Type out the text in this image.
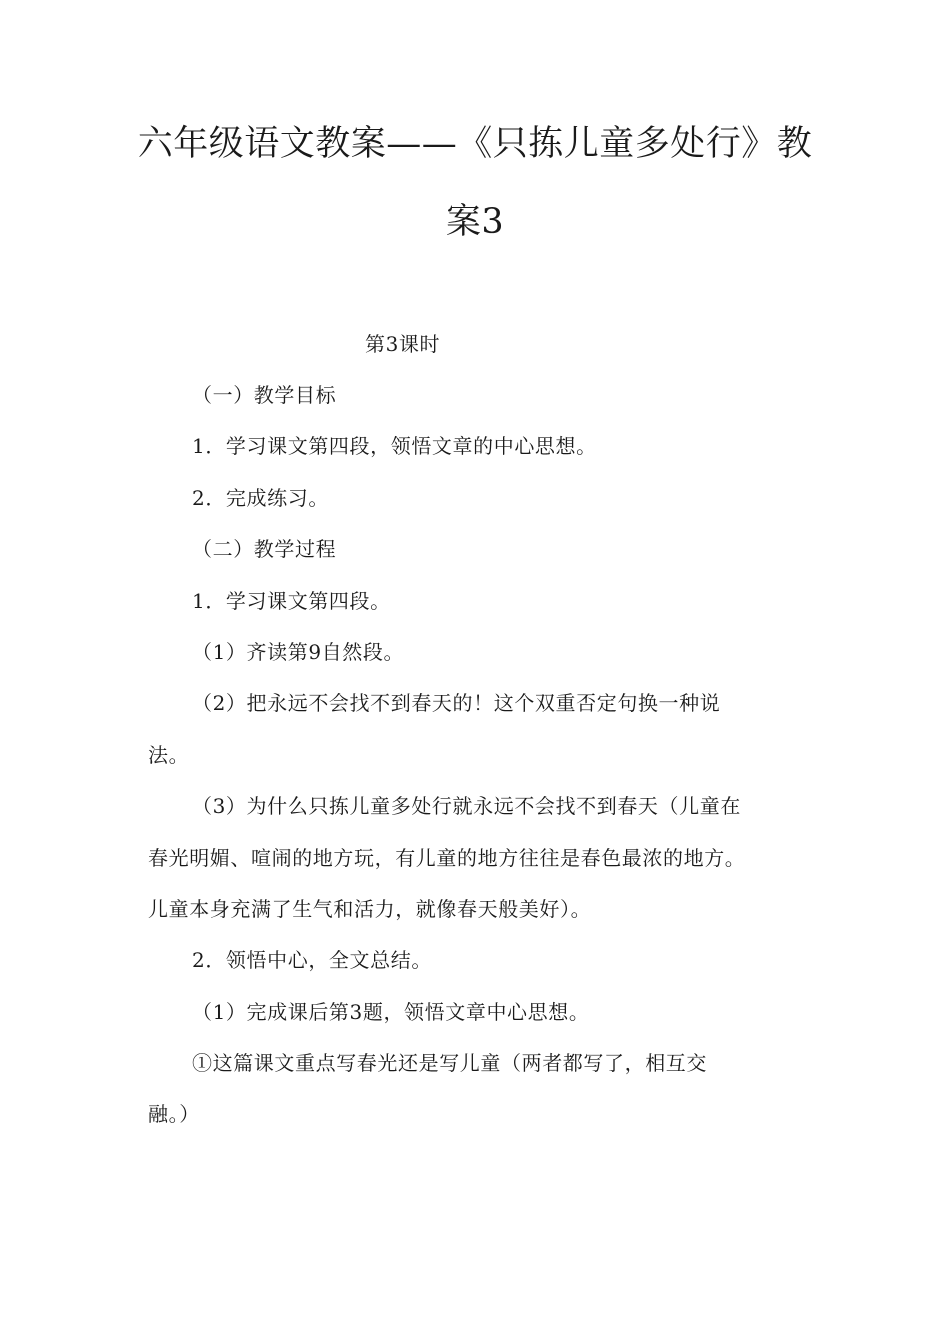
六年级语文教案——《只拣儿童多处行》教
案3
第3课时
（一）教学目标
1．学习课文第四段，领悟文章的中心思想。
2．完成练习。
（二）教学过程
1．学习课文第四段。
（1）齐读第9自然段。
（2）把永远不会找不到春天的！这个双重否定句换一种说
法。
（3）为什么只拣儿童多处行就永远不会找不到春天（儿童在
春光明媚、喧闹的地方玩，有儿童的地方往往是春色最浓的地方。
儿童本身充满了生气和活力，就像春天般美好）。
2．领悟中心，全文总结。
（1）完成课后第3题，领悟文章中心思想。
①这篇课文重点写春光还是写儿童（两者都写了，相互交
融。）
